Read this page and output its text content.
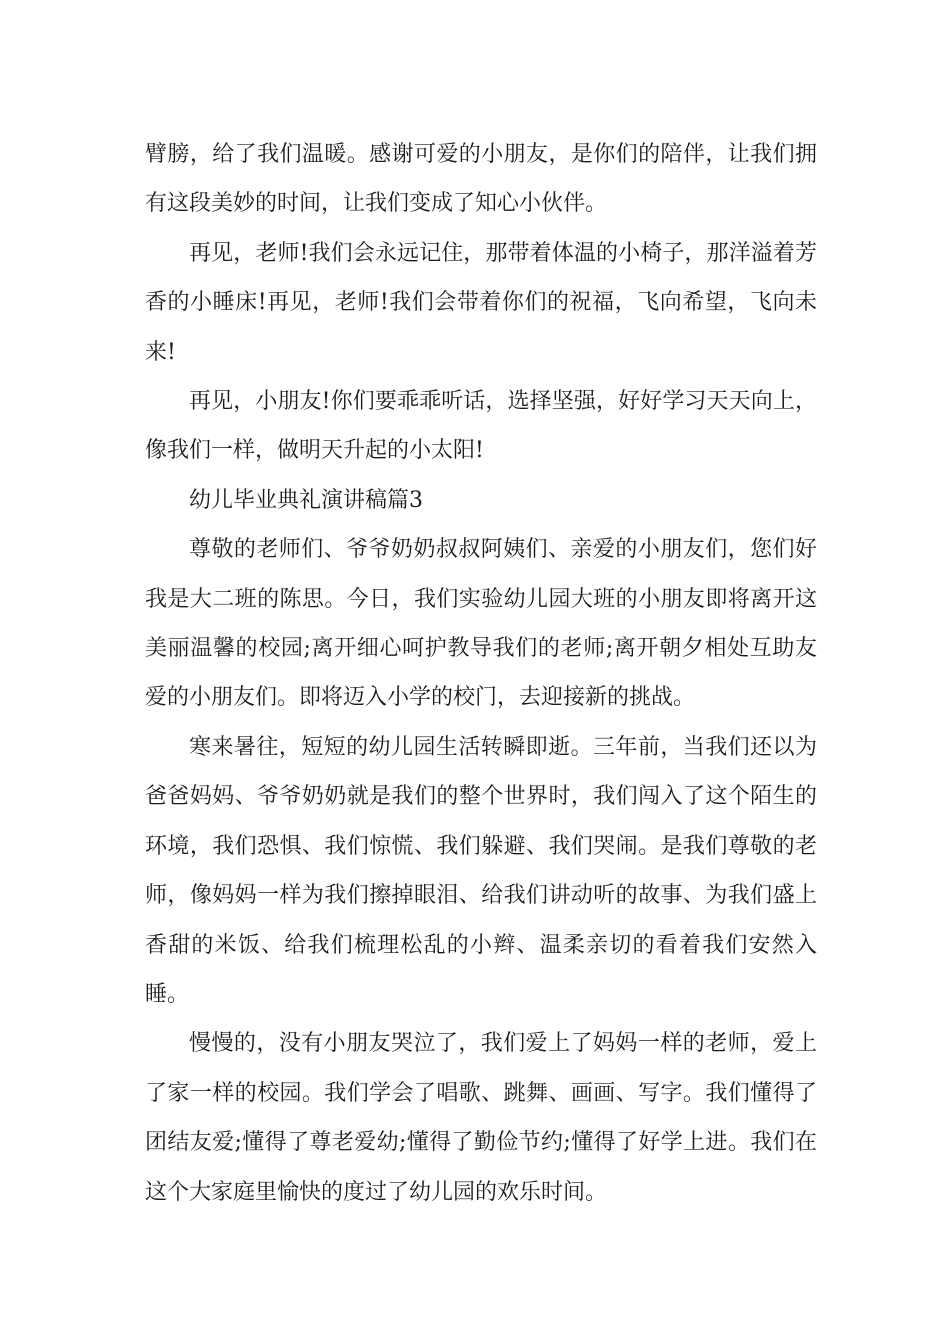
臂膀，给了我们温暖。感谢可爱的小朋友，是你们的陪伴，让我们拥有这段美妙的时间，让我们变成了知心小伙伴。

再见，老师!我们会永远记住，那带着体温的小椅子，那洋溢着芳香的小睡床!再见，老师!我们会带着你们的祝福，飞向希望，飞向未来!

再见，小朋友!你们要乖乖听话，选择坚强，好好学习天天向上，像我们一样，做明天升起的小太阳!

幼儿毕业典礼演讲稿篇3

尊敬的老师们、爷爷奶奶叔叔阿姨们、亲爱的小朋友们，您们好我是大二班的陈思。今日，我们实验幼儿园大班的小朋友即将离开这美丽温馨的校园;离开细心呵护教导我们的老师;离开朝夕相处互助友爱的小朋友们。即将迈入小学的校门，去迎接新的挑战。

寒来暑往，短短的幼儿园生活转瞬即逝。三年前，当我们还以为爸爸妈妈、爷爷奶奶就是我们的整个世界时，我们闯入了这个陌生的环境，我们恐惧、我们惊慌、我们躲避、我们哭闹。是我们尊敬的老师，像妈妈一样为我们擦掉眼泪、给我们讲动听的故事、为我们盛上香甜的米饭、给我们梳理松乱的小辫、温柔亲切的看着我们安然入睡。

慢慢的，没有小朋友哭泣了，我们爱上了妈妈一样的老师，爱上了家一样的校园。我们学会了唱歌、跳舞、画画、写字。我们懂得了团结友爱;懂得了尊老爱幼;懂得了勤俭节约;懂得了好学上进。我们在这个大家庭里愉快的度过了幼儿园的欢乐时间。
